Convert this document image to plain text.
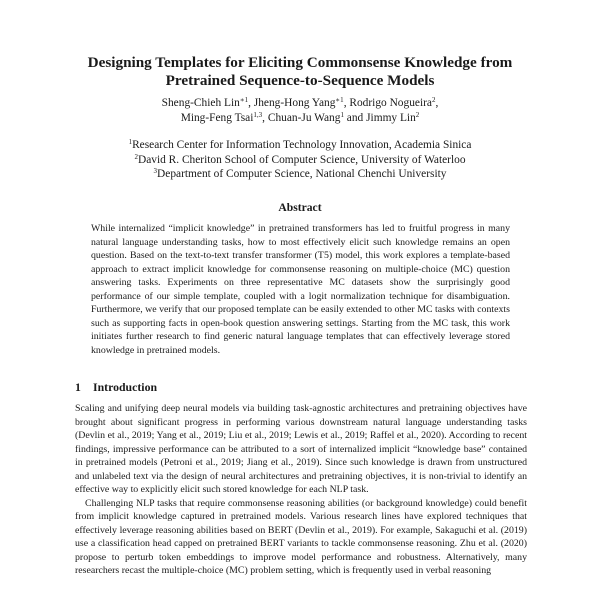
Designing Templates for Eliciting Commonsense Knowledge from
Pretrained Sequence-to-Sequence Models
Sheng-Chieh Lin$^{∗1}$, Jheng-Hong Yang$^{∗1}$, Rodrigo Nogueira$^2$,
Ming-Feng Tsai$^{1,3}$, Chuan-Ju Wang$^1$ and Jimmy Lin$^2$
$^1$Research Center for Information Technology Innovation, Academia Sinica
$^2$David R. Cheriton School of Computer Science, University of Waterloo
$^3$Department of Computer Science, National Chenchi University
Abstract
While internalized “implicit knowledge” in pretrained transformers has led to fruitful progress in many natural language understanding tasks, how to most effectively elicit such knowledge remains an open question. Based on the text-to-text transfer transformer (T5) model, this work explores a template-based approach to extract implicit knowledge for commonsense reasoning on multiple-choice (MC) question answering tasks. Experiments on three representative MC datasets show the surprisingly good performance of our simple template, coupled with a logit normalization technique for disambiguation. Furthermore, we verify that our proposed template can be easily extended to other MC tasks with contexts such as supporting facts in open-book question answering settings. Starting from the MC task, this work initiates further research to find generic natural language templates that can effectively leverage stored knowledge in pretrained models.
1 Introduction

Scaling and unifying deep neural models via building task-agnostic architectures and pretraining objectives have brought about significant progress in performing various downstream natural language understanding tasks (Devlin et al., 2019; Yang et al., 2019; Liu et al., 2019; Lewis et al., 2019; Raffel et al., 2020). According to recent findings, impressive performance can be attributed to a sort of internalized implicit “knowledge base” contained in pretrained models (Petroni et al., 2019; Jiang et al., 2019). Since such knowledge is drawn from unstructured and unlabeled text via the design of neural architectures and pretraining objectives, it is non-trivial to identify an effective way to explicitly elicit such stored knowledge for each NLP task.

Challenging NLP tasks that require commonsense reasoning abilities (or background knowledge) could benefit from implicit knowledge captured in pretrained models. Various research lines have explored techniques that effectively leverage reasoning abilities based on BERT (Devlin et al., 2019). For example, Sakaguchi et al. (2019) use a classification head capped on pretrained BERT variants to tackle commonsense reasoning. Zhu et al. (2020) propose to perturb token embeddings to improve model performance and robustness. Alternatively, many researchers recast the multiple-choice (MC) problem setting, which is frequently used in verbal reasoning
